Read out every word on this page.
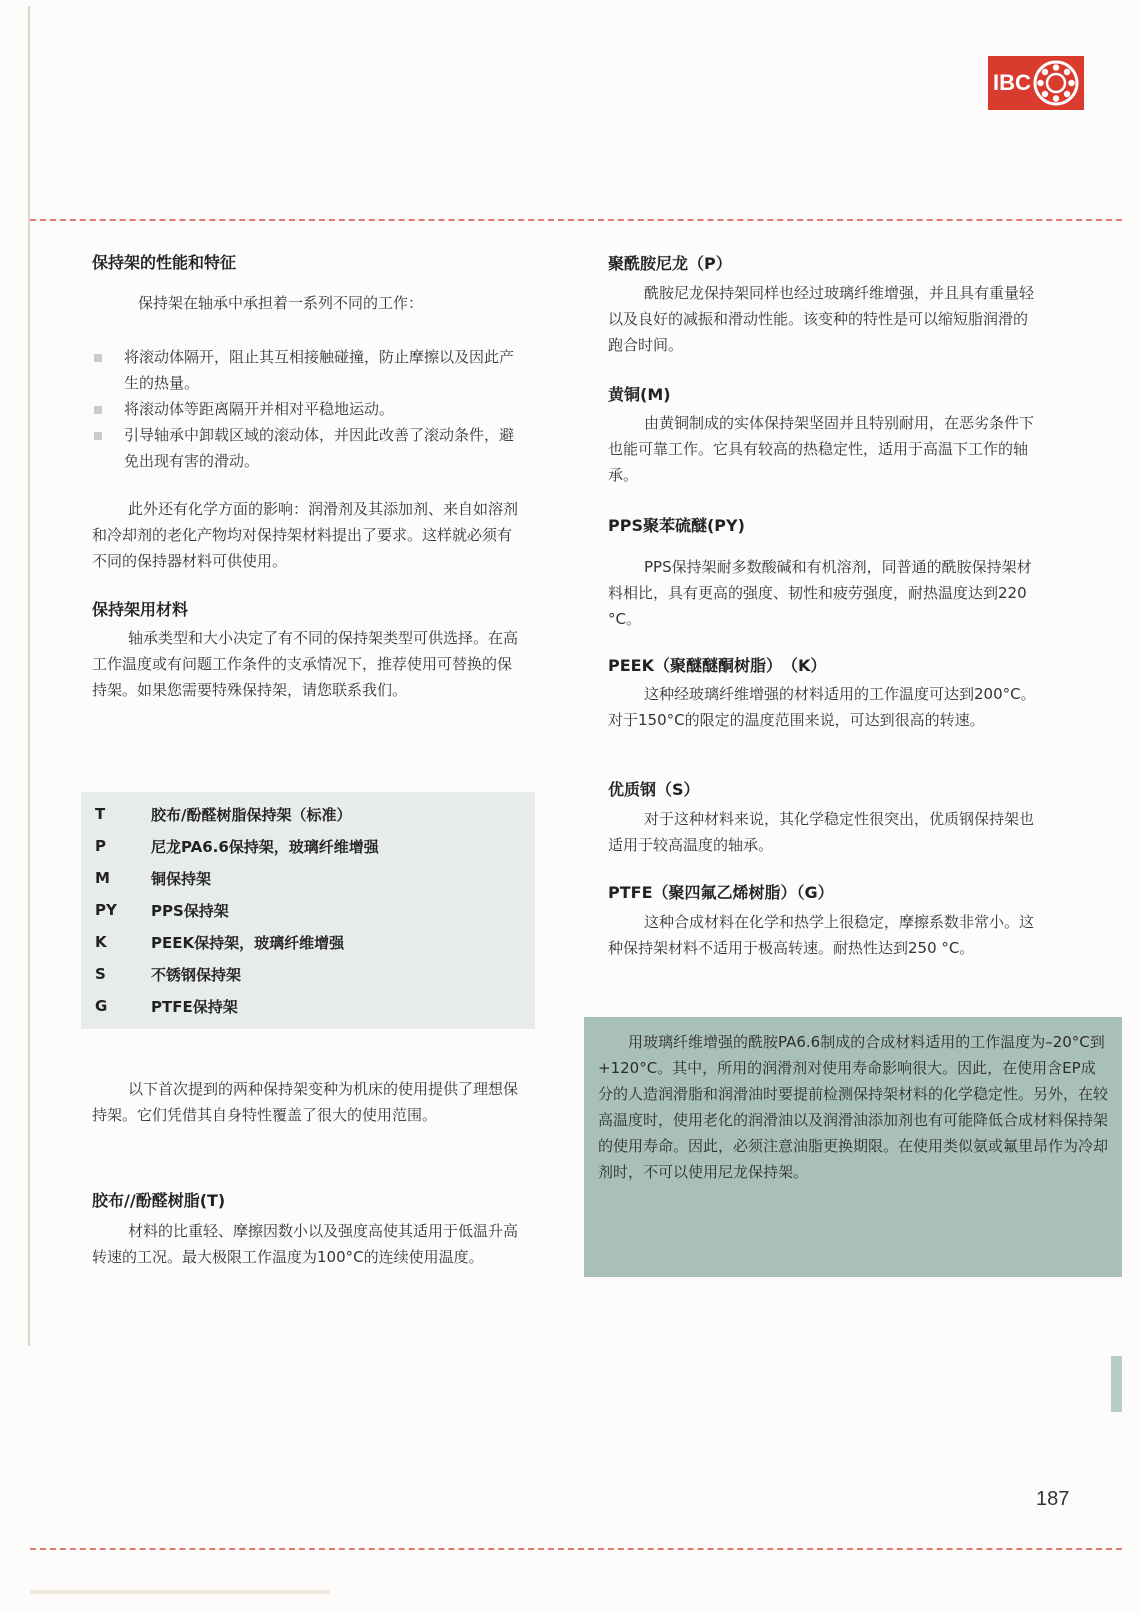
IBC
保持架的性能和特征

保持架在轴承中承担着一系列不同的工作：

将滚动体隔开，阻止其互相接触碰撞，防止摩擦以及因此产生的热量。
将滚动体等距离隔开并相对平稳地运动。
引导轴承中卸载区域的滚动体，并因此改善了滚动条件，避免出现有害的滑动。

此外还有化学方面的影响：润滑剂及其添加剂、来自如溶剂和冷却剂的老化产物均对保持架材料提出了要求。这样就必须有不同的保持器材料可供使用。

保持架用材料

轴承类型和大小决定了有不同的保持架类型可供选择。在高工作温度或有问题工作条件的支承情况下，推荐使用可替换的保持架。如果您需要特殊保持架，请您联系我们。

T	胶布/酚醛树脂保持架（标准）
P	尼龙PA6.6保持架，玻璃纤维增强
M	铜保持架
PY	PPS保持架
K	PEEK保持架，玻璃纤维增强
S	不锈钢保持架
G	PTFE保持架

以下首次提到的两种保持架变种为机床的使用提供了理想保持架。它们凭借其自身特性覆盖了很大的使用范围。

胶布//酚醛树脂(T)

材料的比重轻、摩擦因数小以及强度高使其适用于低温升高转速的工况。最大极限工作温度为100°C的连续使用温度。

聚酰胺尼龙（P）

酰胺尼龙保持架同样也经过玻璃纤维增强，并且具有重量轻以及良好的减振和滑动性能。该变种的特性是可以缩短脂润滑的跑合时间。

黄铜(M)

由黄铜制成的实体保持架坚固并且特别耐用，在恶劣条件下也能可靠工作。它具有较高的热稳定性，适用于高温下工作的轴承。

PPS聚苯硫醚(PY)

PPS保持架耐多数酸碱和有机溶剂，同普通的酰胺保持架材料相比，具有更高的强度、韧性和疲劳强度，耐热温度达到220 °C。

PEEK（聚醚醚酮树脂）　（K）

这种经玻璃纤维增强的材料适用的工作温度可达到200°C。对于150°C的限定的温度范围来说，可达到很高的转速。

优质钢（S）

对于这种材料来说，其化学稳定性很突出，优质钢保持架也适用于较高温度的轴承。

PTFE（聚四氟乙烯树脂）（G）

这种合成材料在化学和热学上很稳定，摩擦系数非常小。这种保持架材料不适用于极高转速。耐热性达到250 °C。

用玻璃纤维增强的酰胺PA6.6制成的合成材料适用的工作温度为–20°C到+120°C。其中，所用的润滑剂对使用寿命影响很大。因此，在使用含EP成分的人造润滑脂和润滑油时要提前检测保持架材料的化学稳定性。另外，在较高温度时，使用老化的润滑油以及润滑油添加剂也有可能降低合成材料保持架的使用寿命。因此，必须注意油脂更换期限。在使用类似氨或氟里昂作为冷却剂时，不可以使用尼龙保持架。

187
